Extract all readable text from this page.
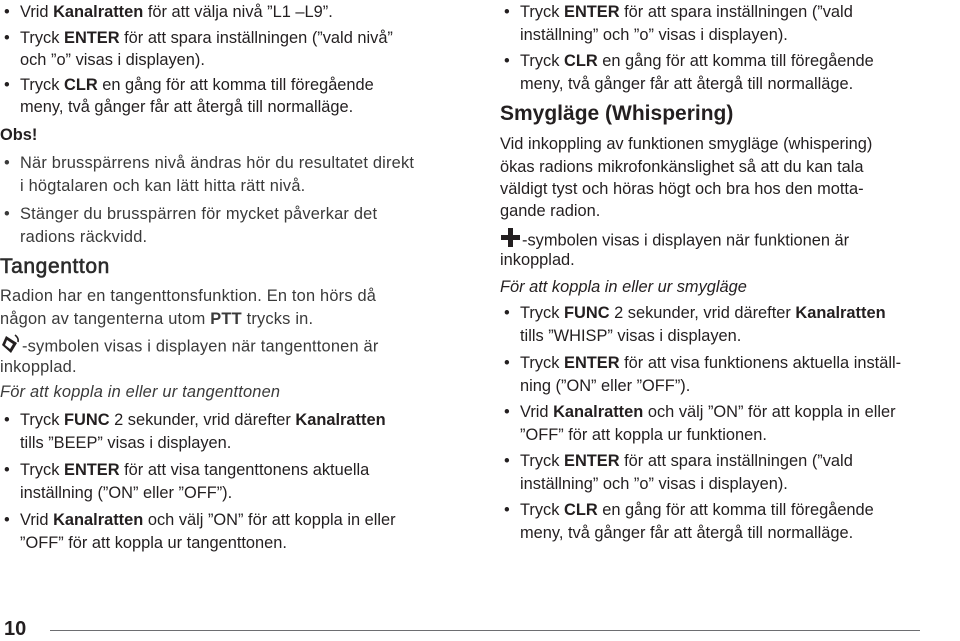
• Vrid Kanalratten för att välja nivå ”L1 –L9”.
• Tryck ENTER för att spara inställningen (”vald nivå”
och ”o” visas i displayen).
• Tryck CLR en gång för att komma till föregående
meny, två gånger får att återgå till normalläge.
Obs!
• När brusspärrens nivå ändras hör du resultatet direkt
i högtalaren och kan lätt hitta rätt nivå.
• Stänger du brusspärren för mycket påverkar det
radions räckvidd.
Tangentton
Radion har en tangenttonsfunktion. En ton hörs då
någon av tangenterna utom PTT trycks in.
-symbolen visas i displayen när tangenttonen är
inkopplad.
För att koppla in eller ur tangenttonen
• Tryck FUNC 2 sekunder, vrid därefter Kanalratten
tills ”BEEP” visas i displayen.
• Tryck ENTER för att visa tangenttonens aktuella
inställning (”ON” eller ”OFF”).
• Vrid Kanalratten och välj ”ON” för att koppla in eller
”OFF” för att koppla ur tangenttonen.
• Tryck ENTER för att spara inställningen (”vald
inställning” och ”o” visas i displayen).
• Tryck CLR en gång för att komma till föregående
meny, två gånger får att återgå till normalläge.
Smygläge (Whispering)
Vid inkoppling av funktionen smygläge (whispering)
ökas radions mikrofonkänslighet så att du kan tala
väldigt tyst och höras högt och bra hos den motta-
gande radion.
-symbolen visas i displayen när funktionen är
inkopplad.
För att koppla in eller ur smygläge
• Tryck FUNC 2 sekunder, vrid därefter Kanalratten
tills ”WHISP” visas i displayen.
• Tryck ENTER för att visa funktionens aktuella inställ-
ning (”ON” eller ”OFF”).
• Vrid Kanalratten och välj ”ON” för att koppla in eller
”OFF” för att koppla ur funktionen.
• Tryck ENTER för att spara inställningen (”vald
inställning” och ”o” visas i displayen).
• Tryck CLR en gång för att komma till föregående
meny, två gånger får att återgå till normalläge.
10
